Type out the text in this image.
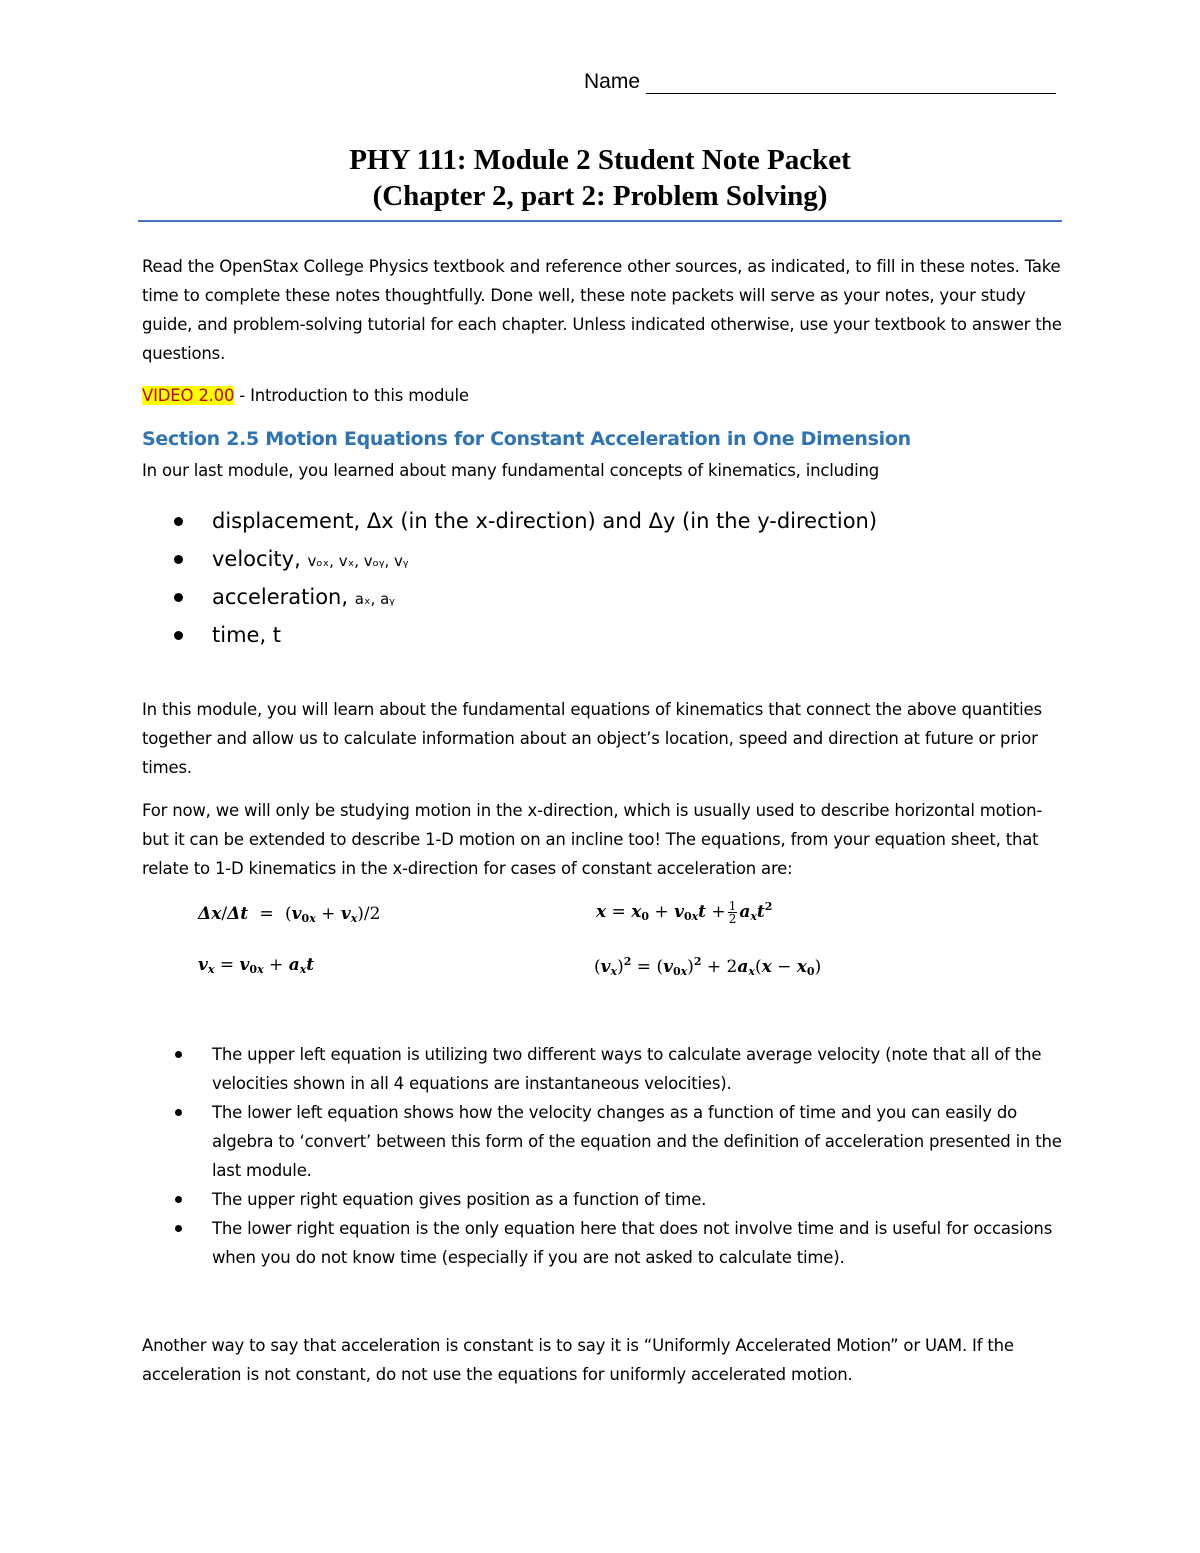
Name
PHY 111: Module 2 Student Note Packet
(Chapter 2, part 2: Problem Solving)
Read the OpenStax College Physics textbook and reference other sources, as indicated, to fill in these notes. Take time to complete these notes thoughtfully. Done well, these note packets will serve as your notes, your study guide, and problem-solving tutorial for each chapter. Unless indicated otherwise, use your textbook to answer the questions.
VIDEO 2.00 - Introduction to this module
Section 2.5 Motion Equations for Constant Acceleration in One Dimension
In our last module, you learned about many fundamental concepts of kinematics, including
displacement, Δx (in the x-direction) and Δy (in the y-direction)
velocity, vₒₓ, vₓ, vₒᵧ, vᵧ
acceleration, aₓ, aᵧ
time, t
In this module, you will learn about the fundamental equations of kinematics that connect the above quantities together and allow us to calculate information about an object’s location, speed and direction at future or prior times.
For now, we will only be studying motion in the x-direction, which is usually used to describe horizontal motion- but it can be extended to describe 1-D motion on an incline too! The equations, from your equation sheet, that relate to 1-D kinematics in the x-direction for cases of constant acceleration are:
$\Delta x/\Delta t = (v_{0x} + v_x)/2$	$x = x_0 + v_{0x}t + \frac{1}{2} a_xt^2$
$v_x = v_{0x} + a_xt$	$(v_x)^2 = (v_{0x})^2 + 2a_x(x - x_0)$
The upper left equation is utilizing two different ways to calculate average velocity (note that all of the velocities shown in all 4 equations are instantaneous velocities).
The lower left equation shows how the velocity changes as a function of time and you can easily do algebra to ‘convert’ between this form of the equation and the definition of acceleration presented in the last module.
The upper right equation gives position as a function of time.
The lower right equation is the only equation here that does not involve time and is useful for occasions when you do not know time (especially if you are not asked to calculate time).
Another way to say that acceleration is constant is to say it is “Uniformly Accelerated Motion” or UAM. If the acceleration is not constant, do not use the equations for uniformly accelerated motion.
